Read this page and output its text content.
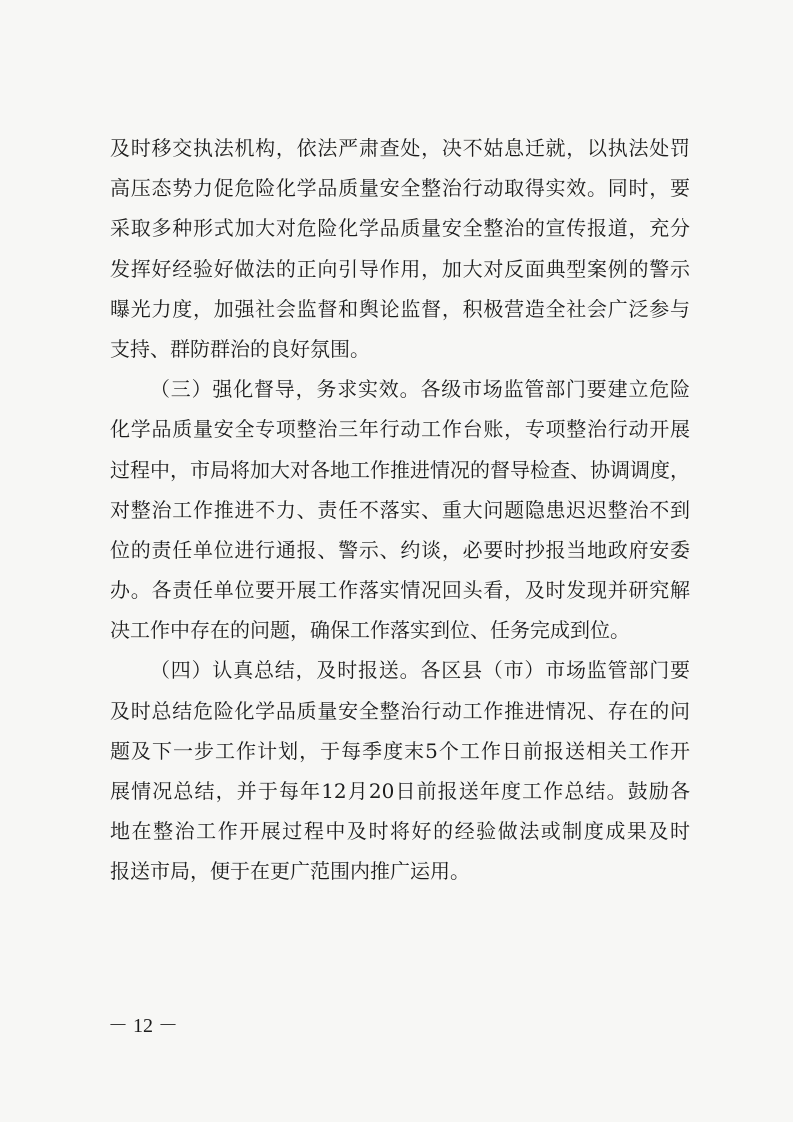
及时移交执法机构，依法严肃查处，决不姑息迁就，以执法处罚
高压态势力促危险化学品质量安全整治行动取得实效。同时，要
采取多种形式加大对危险化学品质量安全整治的宣传报道，充分
发挥好经验好做法的正向引导作用，加大对反面典型案例的警示
曝光力度，加强社会监督和舆论监督，积极营造全社会广泛参与
支持、群防群治的良好氛围。
（三）强化督导，务求实效。各级市场监管部门要建立危险
化学品质量安全专项整治三年行动工作台账，专项整治行动开展
过程中，市局将加大对各地工作推进情况的督导检查、协调调度，
对整治工作推进不力、责任不落实、重大问题隐患迟迟整治不到
位的责任单位进行通报、警示、约谈，必要时抄报当地政府安委
办。各责任单位要开展工作落实情况回头看，及时发现并研究解
决工作中存在的问题，确保工作落实到位、任务完成到位。
（四）认真总结，及时报送。各区县（市）市场监管部门要
及时总结危险化学品质量安全整治行动工作推进情况、存在的问
题及下一步工作计划，于每季度末5个工作日前报送相关工作开
展情况总结，并于每年12月20日前报送年度工作总结。鼓励各
地在整治工作开展过程中及时将好的经验做法或制度成果及时
报送市局，便于在更广范围内推广运用。
－ 12 －
